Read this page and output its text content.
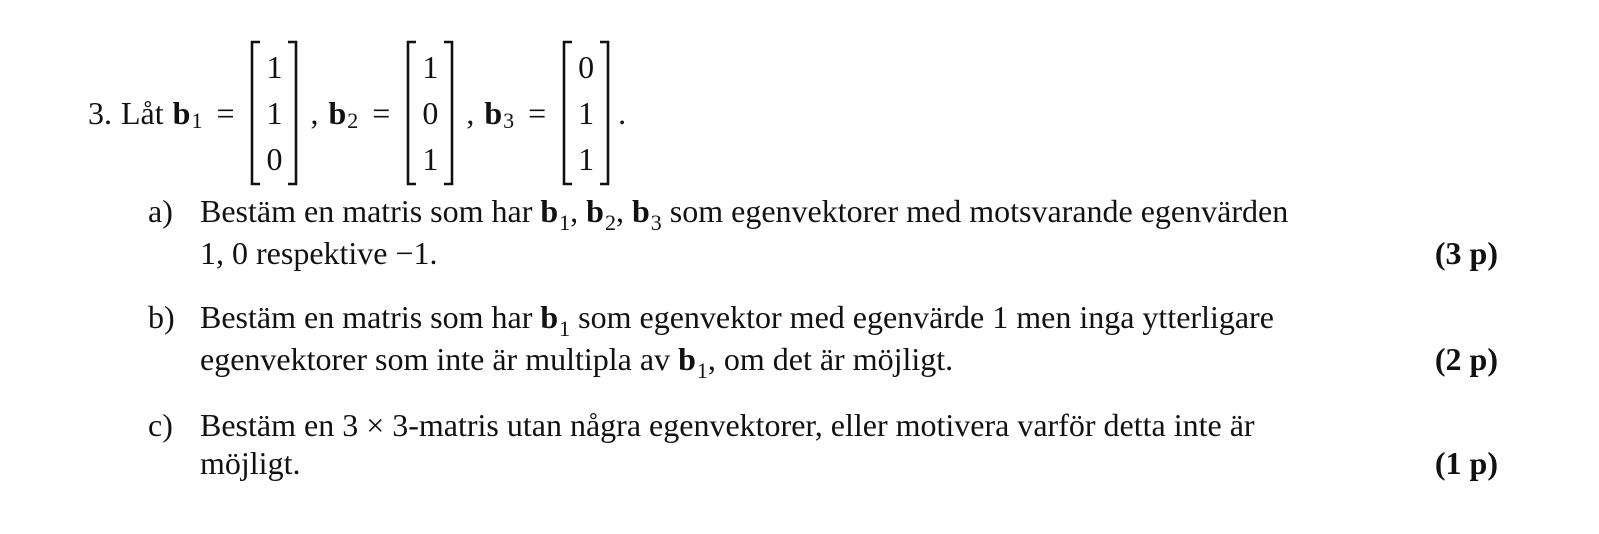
3. Låt b 1 =
1
1
0
, b 2 =
1
0
1
, b 3 =
0
1
1
.
a) Bestäm en matris som har $b_1$, $b_2$, $b_3$ som egenvektorer med motsvarande egenvärden
1, 0 respektive −1.	(3 p)
b) Bestäm en matris som har $b_1$ som egenvektor med egenvärde 1 men inga ytterligare
egenvektorer som inte är multipla av $b_1$, om det är möjligt.	(2 p)
c) Bestäm en 3 × 3-matris utan några egenvektorer, eller motivera varför detta inte är
möjligt.	(1 p)
